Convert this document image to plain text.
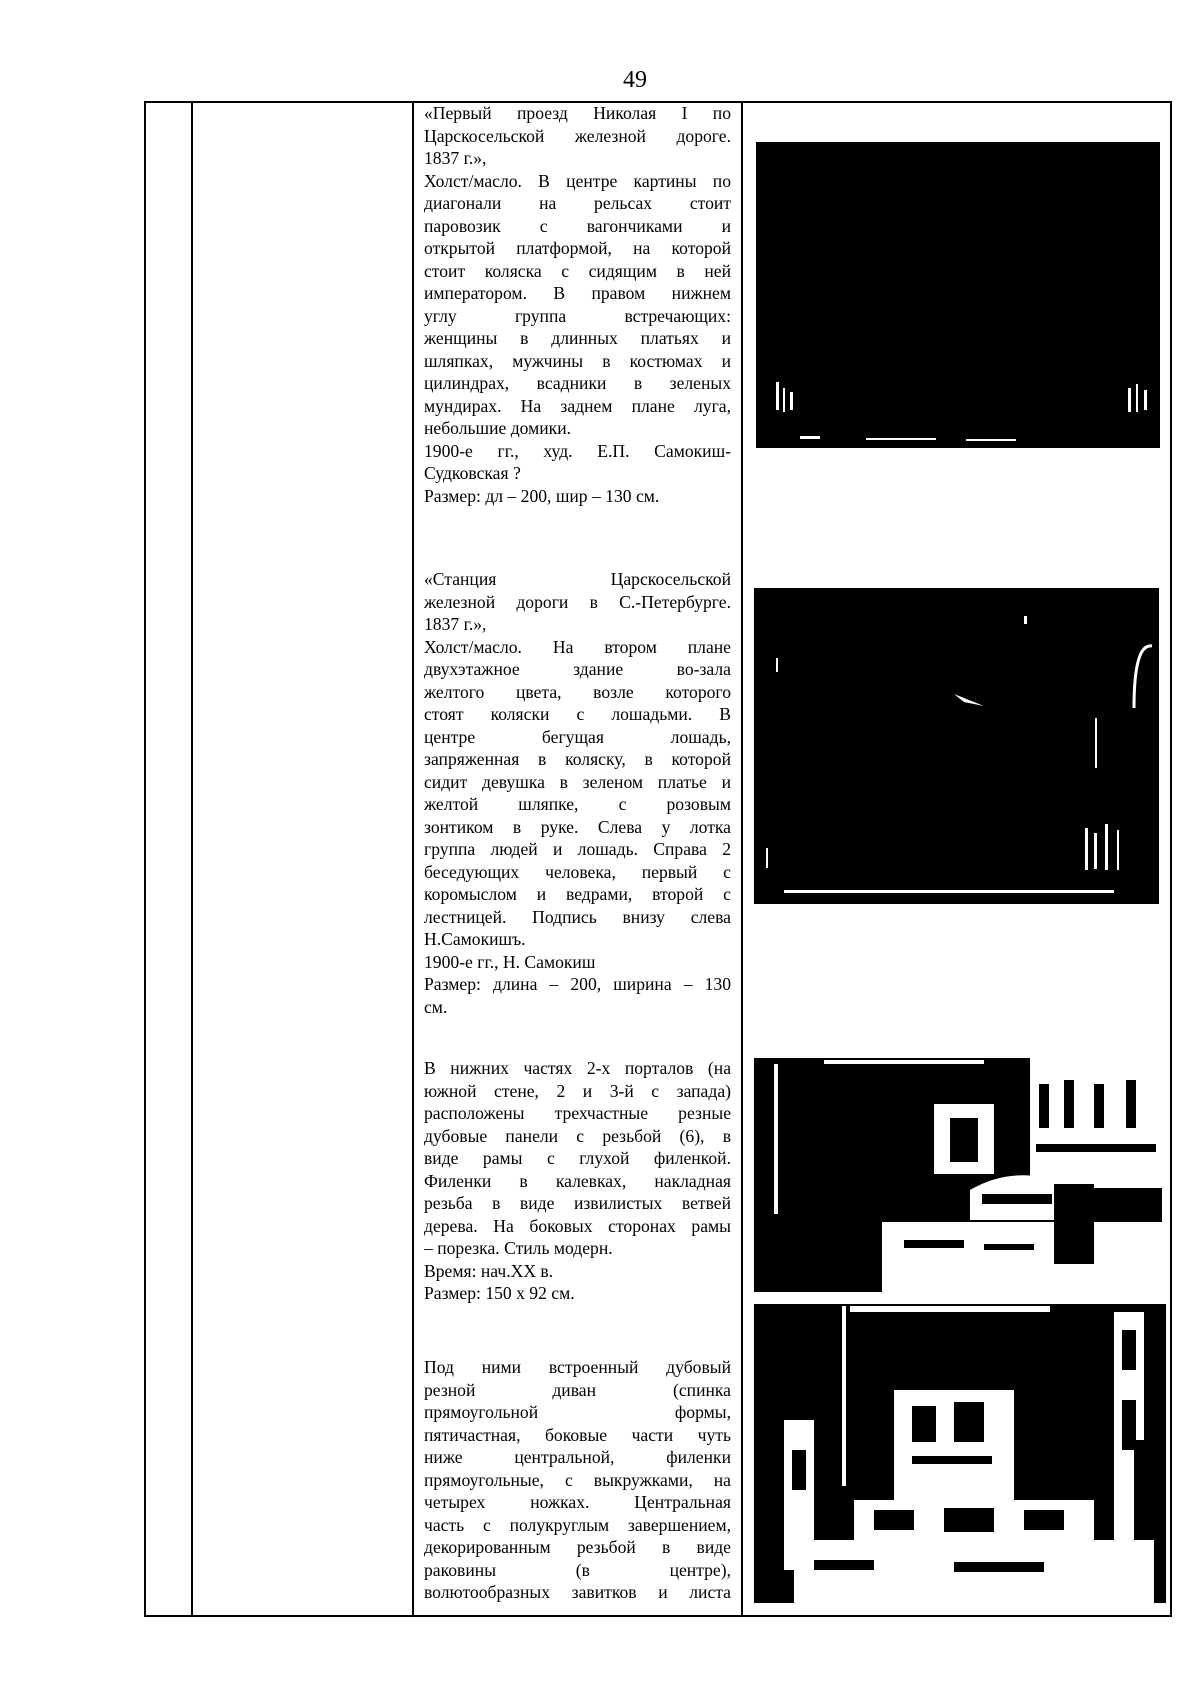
49

«Первый проезд Николая I по

Царскосельской железной дороге.

1837 г.»,

Холст/масло. В центре картины по

диагонали на рельсах стоит

паровозик с вагончиками и

открытой платформой, на которой

стоит коляска с сидящим в ней

императором. В правом нижнем

углу группа встречающих:

женщины в длинных платьях и

шляпках, мужчины в костюмах и

цилиндрах, всадники в зеленых

мундирах. На заднем плане луга,

небольшие домики.

1900-е гг., худ. Е.П. Самокиш-

Судковская ?

Размер: дл – 200, шир – 130 см.

«Станция Царскосельской

железной дороги в С.-Петербурге.

1837 г.»,

Холст/масло. На втором плане

двухэтажное здание во-зала

желтого цвета, возле которого

стоят коляски с лошадьми. В

центре бегущая лошадь,

запряженная в коляску, в которой

сидит девушка в зеленом платье и

желтой шляпке, с розовым

зонтиком в руке. Слева у лотка

группа людей и лошадь. Справа 2

беседующих человека, первый с

коромыслом и ведрами, второй с

лестницей. Подпись внизу слева

Н.Самокишъ.

1900-е гг., Н. Самокиш

Размер: длина – 200, ширина – 130

см.

В нижних частях 2-х порталов (на

южной стене, 2 и 3-й с запада)

расположены трехчастные резные

дубовые панели с резьбой (6), в

виде рамы с глухой филенкой.

Филенки в калевках, накладная

резьба в виде извилистых ветвей

дерева. На боковых сторонах рамы

– порезка. Стиль модерн.

Время: нач.XX в.

Размер: 150 х 92 см.

Под ними встроенный дубовый

резной диван (спинка

прямоугольной формы,

пятичастная, боковые части чуть

ниже центральной, филенки

прямоугольные, с выкружками, на

четырех ножках. Центральная

часть с полукруглым завершением,

декорированным резьбой в виде

раковины (в центре),

волютообразных завитков и листа
